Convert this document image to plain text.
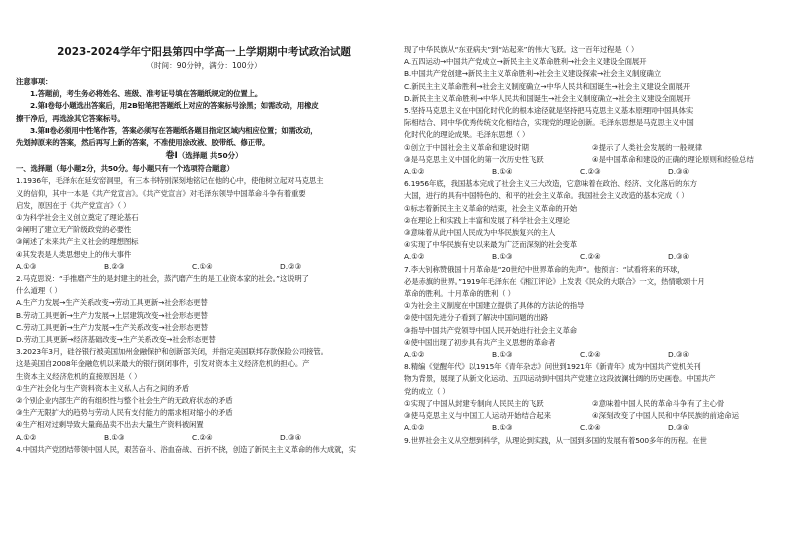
2023-2024学年宁阳县第四中学高一上学期期中考试政治试题
（时间：90分钟，满分：100分）
注意事项：
1.答题前，考生务必将姓名、班级、准考证号填在答题纸规定的位置上。
2.第Ⅰ卷每小题选出答案后，用2B铅笔把答题纸上对应的答案标号涂黑；如需改动，用橡皮
擦干净后，再选涂其它答案标号。
3.第Ⅱ卷必须用中性笔作答，答案必须写在答题纸各题目指定区域内相应位置；如需改动，
先划掉原来的答案，然后再写上新的答案，不准使用涂改液、胶带纸、修正带。
卷Ⅰ（选择题 共50分）
一、选择题（每小题2分，共50分。每小题只有一个选项符合题意）
1.1936年，毛泽东在延安窑洞里，有三本书特别深刻地铭记在他的心中，使他树立起对马克思主
义的信仰，其中一本是《共产党宣言》。《共产党宣言》对毛泽东领导中国革命斗争有着重要
启发，原因在于《共产党宣言》（ ）
①为科学社会主义创立奠定了理论基石
②阐明了建立无产阶级政党的必要性
③阐述了未来共产主义社会的理想图标
④其发表是人类思想史上的伟大事件
A.①③	B.②③	C.①④	D.②③
2.马克思说：“手推磨产生的是封建主的社会，蒸汽磨产生的是工业资本家的社会。”这说明了
什么道理（ ）
A.生产力发展→生产关系改变→劳动工具更新→社会形态更替
B.劳动工具更新→生产力发展→上层建筑改变→社会形态更替
C.劳动工具更新→生产力发展→生产关系改变→社会形态更替
D.劳动工具更新→经济基础改变→生产关系改变→社会形态更替
3.2023年3月，硅谷银行被美国加州金融保护和创新部关闭，并指定美国联邦存款保险公司接管。
这是美国自2008年金融危机以来最大的银行倒闭事件，引发对资本主义经济危机的担心。产
生资本主义经济危机的直接原因是（ ）
①生产社会化与生产资料资本主义私人占有之间的矛盾
②个别企业内部生产的有组织性与整个社会生产的无政府状态的矛盾
③生产无限扩大的趋势与劳动人民有支付能力的需求相对缩小的矛盾
④生产相对过剩导致大量商品卖不出去大量生产资料被闲置
A.①②	B.①③	C.②④	D.③④
4.中国共产党团结带领中国人民，艰苦奋斗、浴血奋战、百折不挠，创造了新民主主义革命的伟大成就，实
现了中华民族从“东亚病夫”到“站起来”的伟大飞跃。这一百年过程是（ ）
A.五四运动→中国共产党成立→新民主主义革命胜利→社会主义建设全面展开
B.中国共产党创建→新民主主义革命胜利→社会主义建设探索→社会主义制度确立
C.新民主主义革命胜利→社会主义制度确立→中华人民共和国诞生→社会主义建设全面展开
D.新民主主义革命胜利→中华人民共和国诞生→社会主义制度确立→社会主义建设全面展开
5.坚持马克思主义在中国化时代化的根本途径就是坚持把马克思主义基本原理同中国具体实
际相结合、同中华优秀传统文化相结合，实现党的理论创新。毛泽东思想是马克思主义中国
化时代化的理论成果。毛泽东思想（ ）
①创立于中国社会主义革命和建设时期	②提示了人类社会发展的一般规律
③是马克思主义中国化的第一次历史性飞跃	④是中国革命和建设的正确的理论原则和经验总结
A.①②	B.①④	C.②③	D.③④
6.1956年底，我国基本完成了社会主义三大改造，它意味着在政治、经济、文化落后的东方
大国，进行的具有中国特色的、和平的社会主义革命。我国社会主义改造的基本完成（ ）
①标志着新民主主义革命的结束，社会主义革命的开始
②在理论上和实践上丰富和发展了科学社会主义理论
③意味着从此中国人民成为中华民族复兴的主人
④实现了中华民族有史以来最为广泛而深刻的社会变革
A.①②	B.①③	C.②④	D.③④
7.李大钊称赞俄国十月革命是“20世纪中世界革命的先声”。他预言：“试看将来的环球，
必是赤旗的世界。”1919年毛泽东在《湘江评论》上发表《民众的大联合》一文，热情歌颂十月
革命的胜利。十月革命的胜利（ ）
①为社会主义制度在中国建立提供了具体的方法论的指导
②使中国先进分子看到了解决中国问题的出路
③指导中国共产党领导中国人民开始进行社会主义革命
④使中国出现了初步具有共产主义思想的革命者
A.①②	B.①③	C.②④	D.③④
8.精编《觉醒年代》以1915年《青年杂志》问世到1921年《新青年》成为中国共产党机关刊
物为背景，展现了从新文化运动、五四运动到中国共产党建立这段波澜壮阔的历史画卷。中国共产
党的成立（ ）
①实现了中国从封建专制向人民民主的飞跃	②意味着中国人民的革命斗争有了主心骨
③使马克思主义与中国工人运动开始结合起来	④深刻改变了中国人民和中华民族的前途命运
A.①②	B.①③	C.②④	D.③④
9.世界社会主义从空想到科学，从理论到实践，从一国到多国的发展有着500多年的历程。在世
